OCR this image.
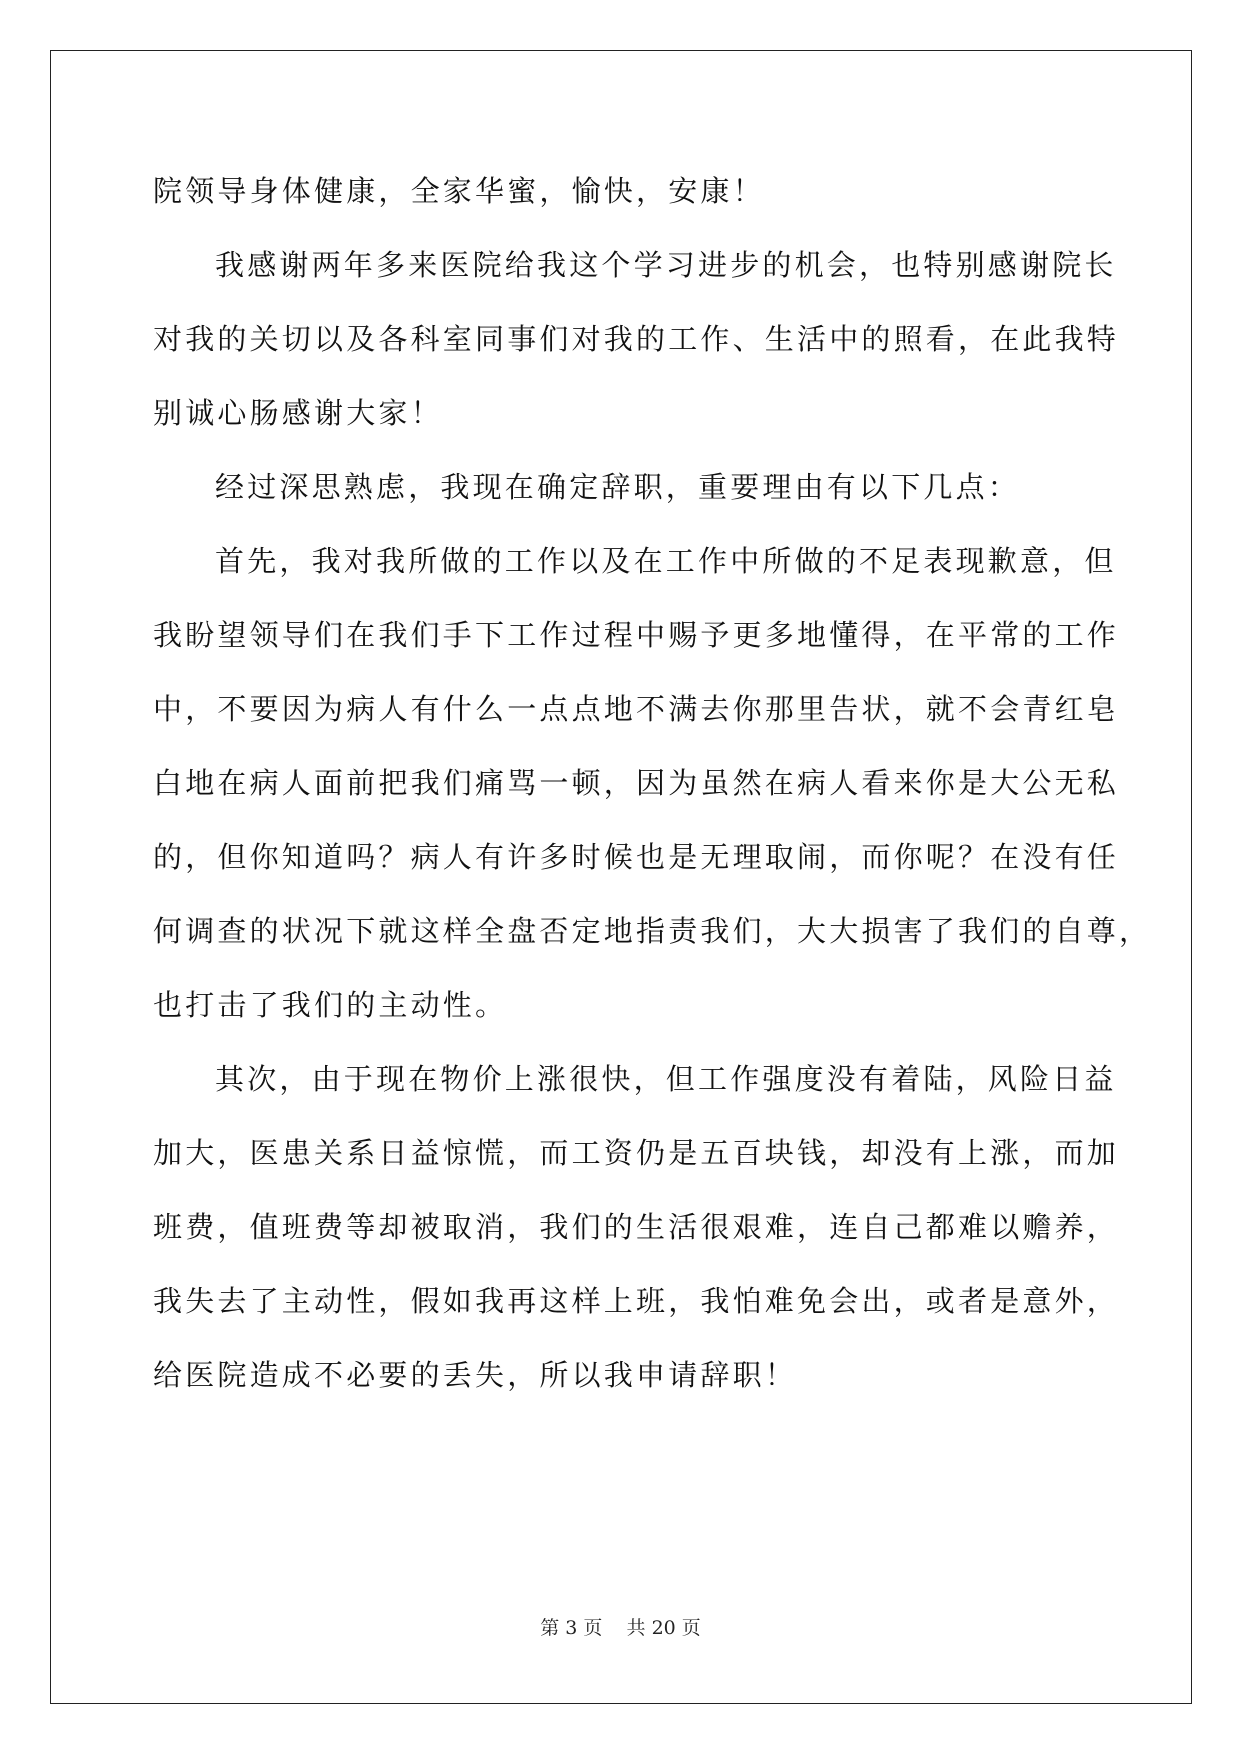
院领导身体健康，全家华蜜，愉快，安康！
我感谢两年多来医院给我这个学习进步的机会，也特别感谢院长
对我的关切以及各科室同事们对我的工作、生活中的照看，在此我特
别诚心肠感谢大家！
经过深思熟虑，我现在确定辞职，重要理由有以下几点：
首先，我对我所做的工作以及在工作中所做的不足表现歉意，但
我盼望领导们在我们手下工作过程中赐予更多地懂得，在平常的工作
中，不要因为病人有什么一点点地不满去你那里告状，就不会青红皂
白地在病人面前把我们痛骂一顿，因为虽然在病人看来你是大公无私
的，但你知道吗？病人有许多时候也是无理取闹，而你呢？在没有任
何调查的状况下就这样全盘否定地指责我们，大大损害了我们的自尊，
也打击了我们的主动性。
其次，由于现在物价上涨很快，但工作强度没有着陆，风险日益
加大，医患关系日益惊慌，而工资仍是五百块钱，却没有上涨，而加
班费，值班费等却被取消，我们的生活很艰难，连自己都难以赡养，
我失去了主动性，假如我再这样上班，我怕难免会出，或者是意外，
给医院造成不必要的丢失，所以我申请辞职！
第 3 页    共 20 页
